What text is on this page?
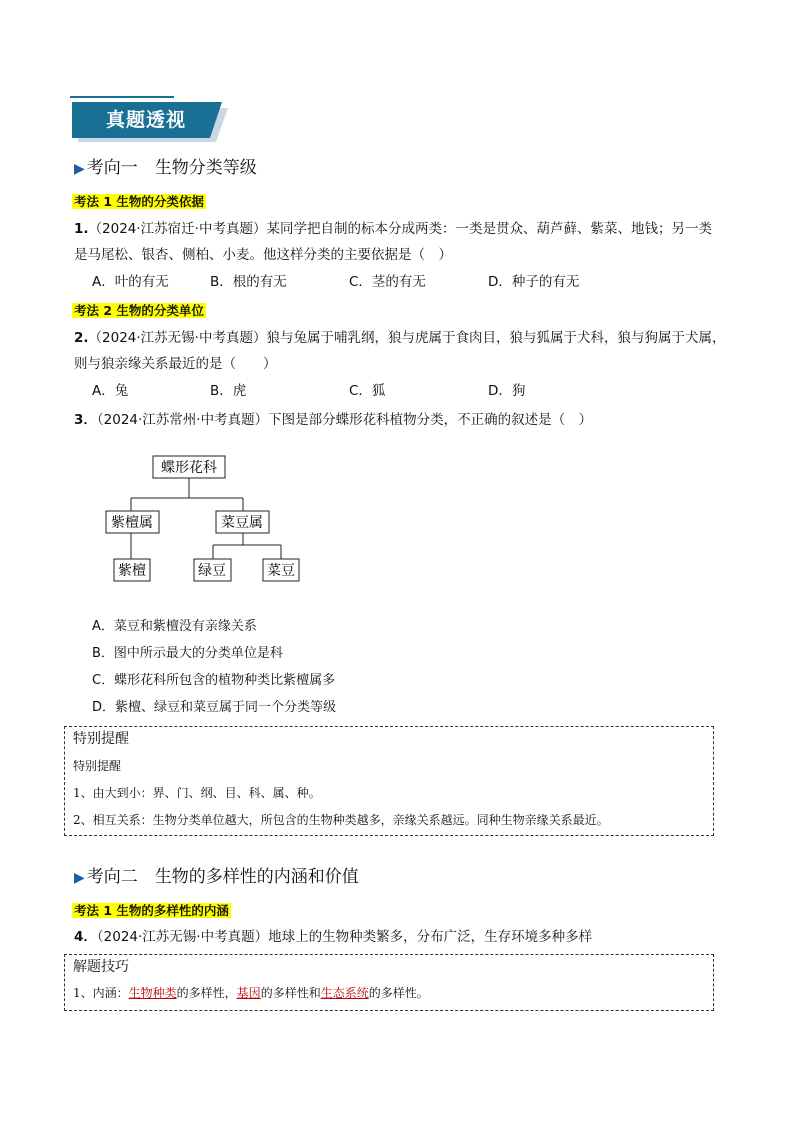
真题透视
▶ 考向一　生物分类等级
考法 1 生物的分类依据
1.（2024·江苏宿迁·中考真题）某同学把自制的标本分成两类：一类是贯众、葫芦藓、紫菜、地钱；另一类
是马尾松、银杏、侧柏、小麦。他这样分类的主要依据是（　）
A．叶的有无	B．根的有无	C．茎的有无	D．种子的有无
考法 2 生物的分类单位
2.（2024·江苏无锡·中考真题）狼与兔属于哺乳纲，狼与虎属于食肉目，狼与狐属于犬科，狼与狗属于犬属，
则与狼亲缘关系最近的是（　　）
A．兔	B．虎	C．狐	D．狗
3．（2024·江苏常州·中考真题）下图是部分蝶形花科植物分类，不正确的叙述是（　）
蝶形花科
紫檀属	菜豆属
紫檀	绿豆	菜豆
A．菜豆和紫檀没有亲缘关系
B．图中所示最大的分类单位是科
C．蝶形花科所包含的植物种类比紫檀属多
D．紫檀、绿豆和菜豆属于同一个分类等级
特别提醒
特别提醒
1、由大到小：界、门、纲、目、科、属、种。
2、相互关系：生物分类单位越大，所包含的生物种类越多，亲缘关系越远。同种生物亲缘关系最近。
▶ 考向二　生物的多样性的内涵和价值
考法 1 生物的多样性的内涵
4．（2024·江苏无锡·中考真题）地球上的生物种类繁多，分布广泛，生存环境多种多样
解题技巧
1、内涵：生物种类的多样性，基因的多样性和生态系统的多样性。
